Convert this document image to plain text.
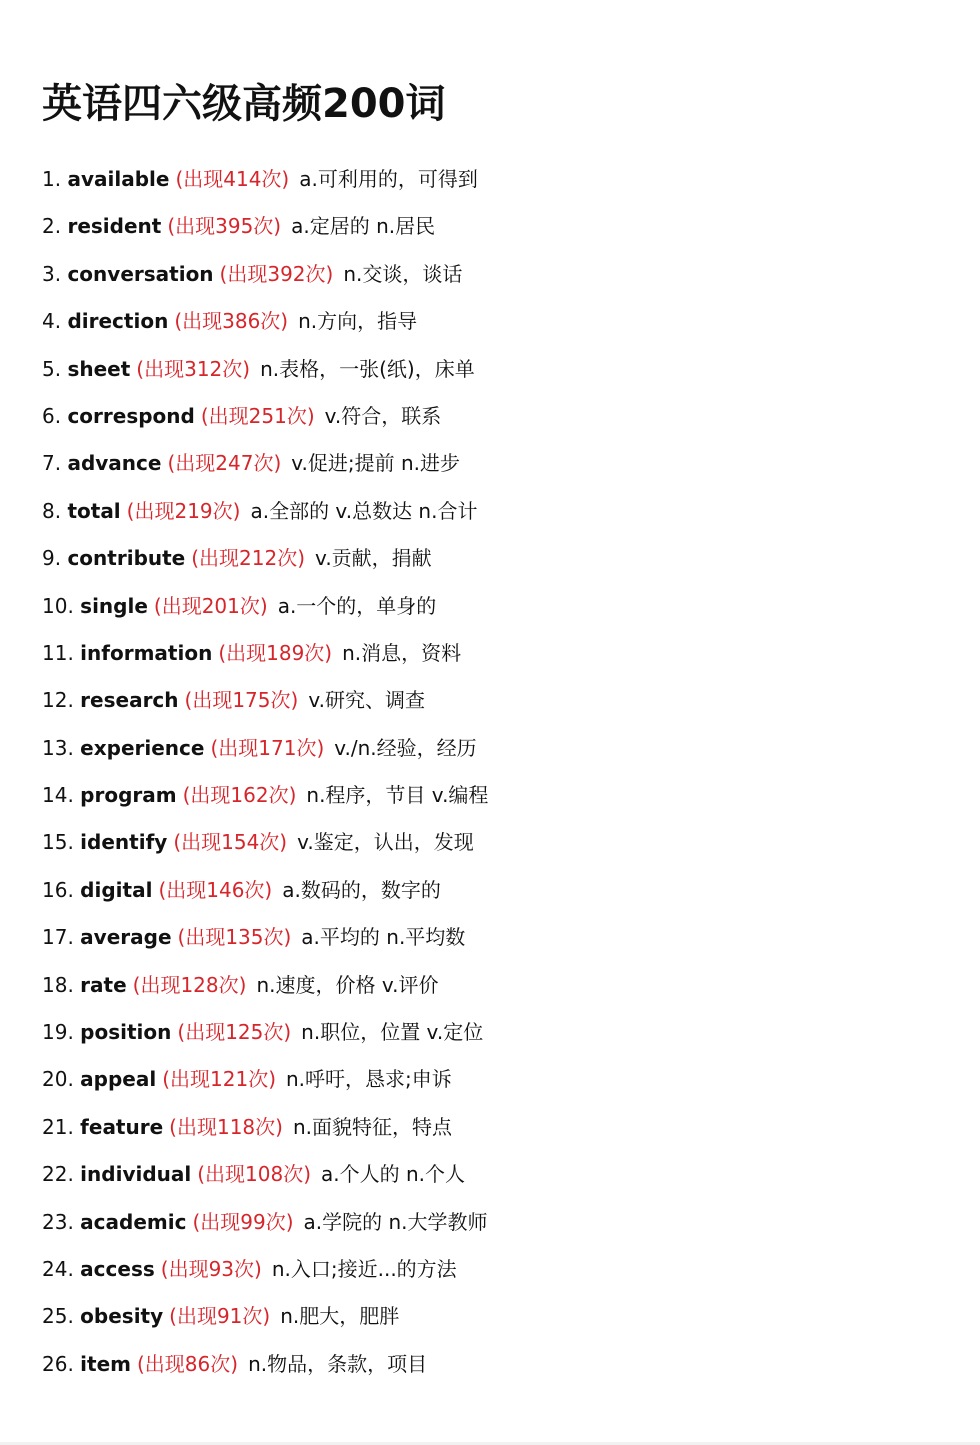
英语四六级高频200词
1. available (出现414次) a.可利用的，可得到
2. resident (出现395次) a.定居的 n.居民
3. conversation (出现392次) n.交谈，谈话
4. direction (出现386次) n.方向，指导
5. sheet (出现312次) n.表格，一张(纸)，床单
6. correspond (出现251次) v.符合，联系
7. advance (出现247次) v.促进;提前 n.进步
8. total (出现219次) a.全部的 v.总数达 n.合计
9. contribute (出现212次) v.贡献，捐献
10. single (出现201次) a.一个的，单身的
11. information (出现189次) n.消息，资料
12. research (出现175次) v.研究、调查
13. experience (出现171次) v./n.经验，经历
14. program (出现162次) n.程序，节目 v.编程
15. identify (出现154次) v.鉴定，认出，发现
16. digital (出现146次) a.数码的，数字的
17. average (出现135次) a.平均的 n.平均数
18. rate (出现128次) n.速度，价格 v.评价
19. position (出现125次) n.职位，位置 v.定位
20. appeal (出现121次) n.呼吁，恳求;申诉
21. feature (出现118次) n.面貌特征，特点
22. individual (出现108次) a.个人的 n.个人
23. academic (出现99次) a.学院的 n.大学教师
24. access (出现93次) n.入口;接近...的方法
25. obesity (出现91次) n.肥大，肥胖
26. item (出现86次) n.物品，条款，项目
